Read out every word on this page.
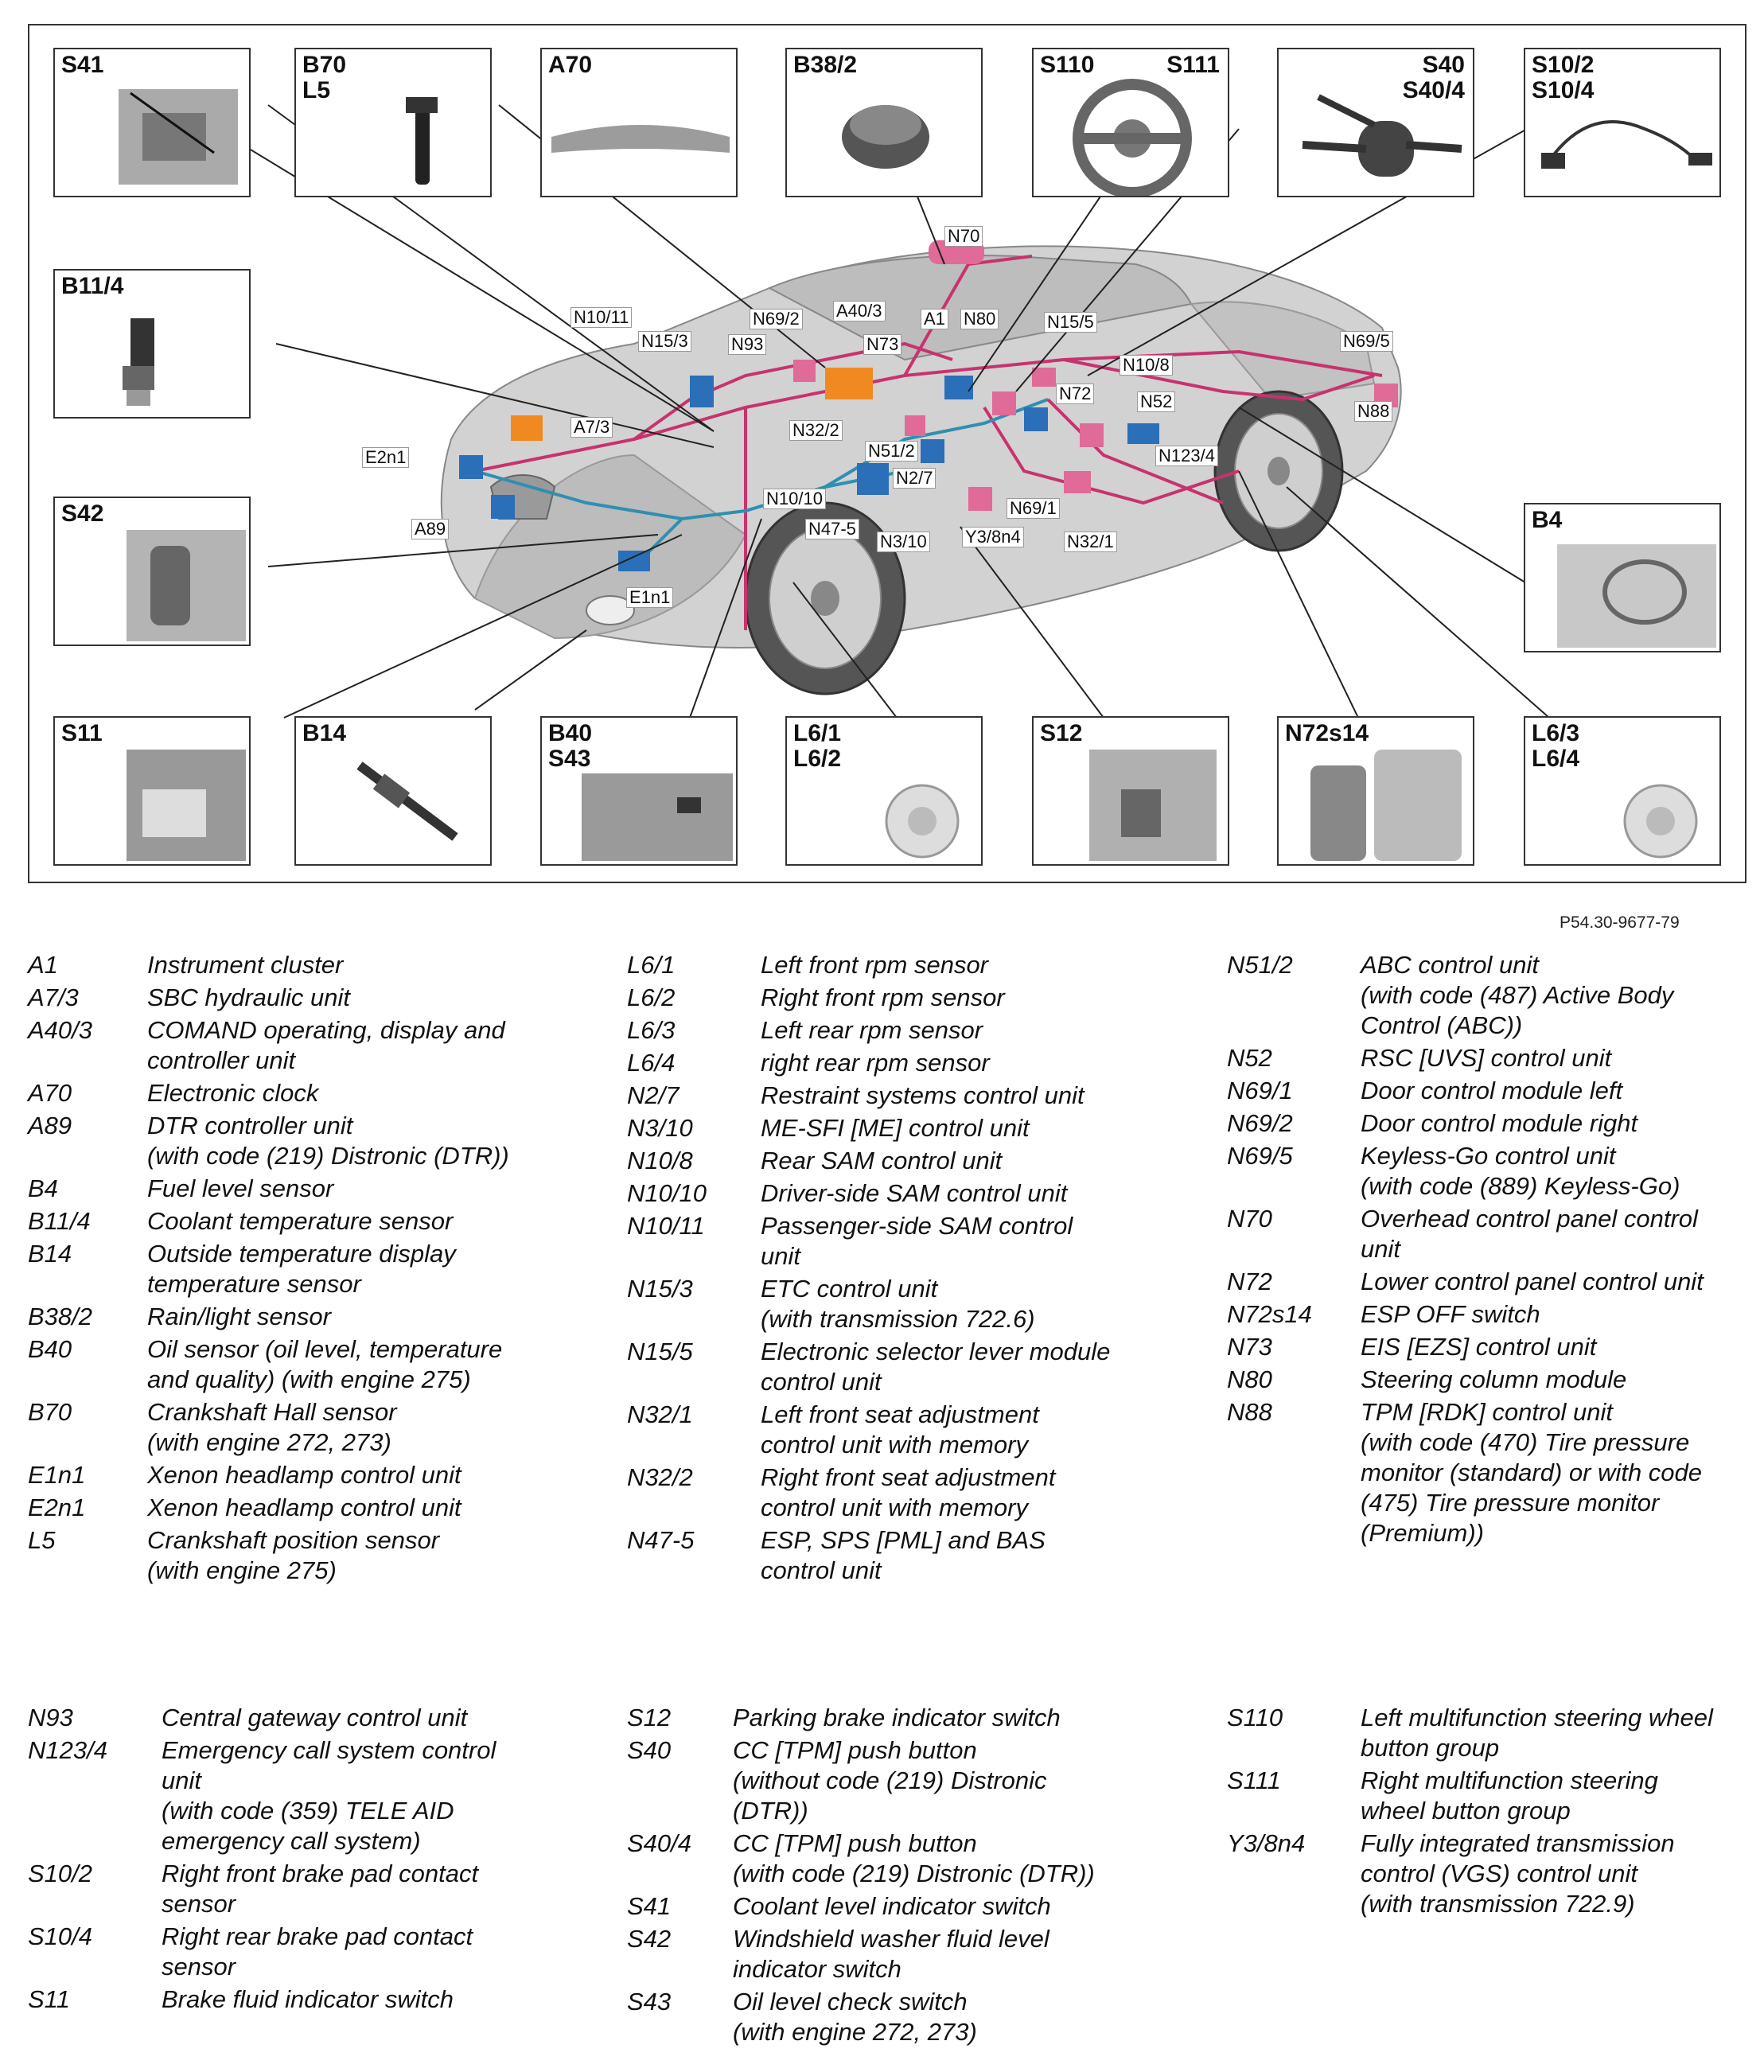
S41	B70
L5
A70	B38/2	S110	S111	S40
S40/4
S10/2
S10/4
B11/4
S42	B4
S11	B14	B40
S43
L6/1
L6/2
S12	N72s14	L6/3
L6/4
N70
N10/11	N69/2 A40/3 A1 N80	N15/5
N15/3 N93	N73
N10/8
N69/5
N72	N52	N88
A7/3	N32/2
E2n1	N51/2	N123/4
N2/7
N10/10	N69/1
A89	N47-5
N3/10 Y3/8n4	N32/1
E1n1
P54.30-9677-79
A1	Instrument cluster
A7/3	SBC hydraulic unit
A40/3	COMAND operating, display and
controller unit
A70	Electronic clock
A89	DTR controller unit
(with code (219) Distronic (DTR))
B4	Fuel level sensor
B11/4	Coolant temperature sensor
B14	Outside temperature display
temperature sensor
B38/2	Rain/light sensor
B40	Oil sensor (oil level, temperature
and quality) (with engine 275)
B70	Crankshaft Hall sensor
(with engine 272, 273)
E1n1	Xenon headlamp control unit
E2n1	Xenon headlamp control unit
L5	Crankshaft position sensor
(with engine 275)
L6/1	Left front rpm sensor
L6/2	Right front rpm sensor
L6/3	Left rear rpm sensor
L6/4	right rear rpm sensor
N2/7	Restraint systems control unit
N3/10	ME-SFI [ME] control unit
N10/8	Rear SAM control unit
N10/10	Driver-side SAM control unit
N10/11	Passenger-side SAM control
unit
N15/3	ETC control unit
(with transmission 722.6)
N15/5	Electronic selector lever module
control unit
N32/1	Left front seat adjustment
control unit with memory
N32/2	Right front seat adjustment
control unit with memory
N47-5	ESP, SPS [PML] and BAS
control unit
N51/2	ABC control unit
(with code (487) Active Body
Control (ABC))
N52	RSC [UVS] control unit
N69/1	Door control module left
N69/2	Door control module right
N69/5	Keyless-Go control unit
(with code (889) Keyless-Go)
N70	Overhead control panel control
unit
N72	Lower control panel control unit
N72s14	ESP OFF switch
N73	EIS [EZS] control unit
N80	Steering column module
N88	TPM [RDK] control unit
(with code (470) Tire pressure
monitor (standard) or with code
(475) Tire pressure monitor
(Premium))
N93	Central gateway control unit
N123/4	Emergency call system control
unit
(with code (359) TELE AID
emergency call system)
S10/2	Right front brake pad contact
sensor
S10/4	Right rear brake pad contact
sensor
S11	Brake fluid indicator switch
S12	Parking brake indicator switch
S40	CC [TPM] push button
(without code (219) Distronic
(DTR))
S40/4	CC [TPM] push button
(with code (219) Distronic (DTR))
S41	Coolant level indicator switch
S42	Windshield washer fluid level
indicator switch
S43	Oil level check switch
(with engine 272, 273)
S110	Left multifunction steering wheel
button group
S111	Right multifunction steering
wheel button group
Y3/8n4	Fully integrated transmission
control (VGS) control unit
(with transmission 722.9)
